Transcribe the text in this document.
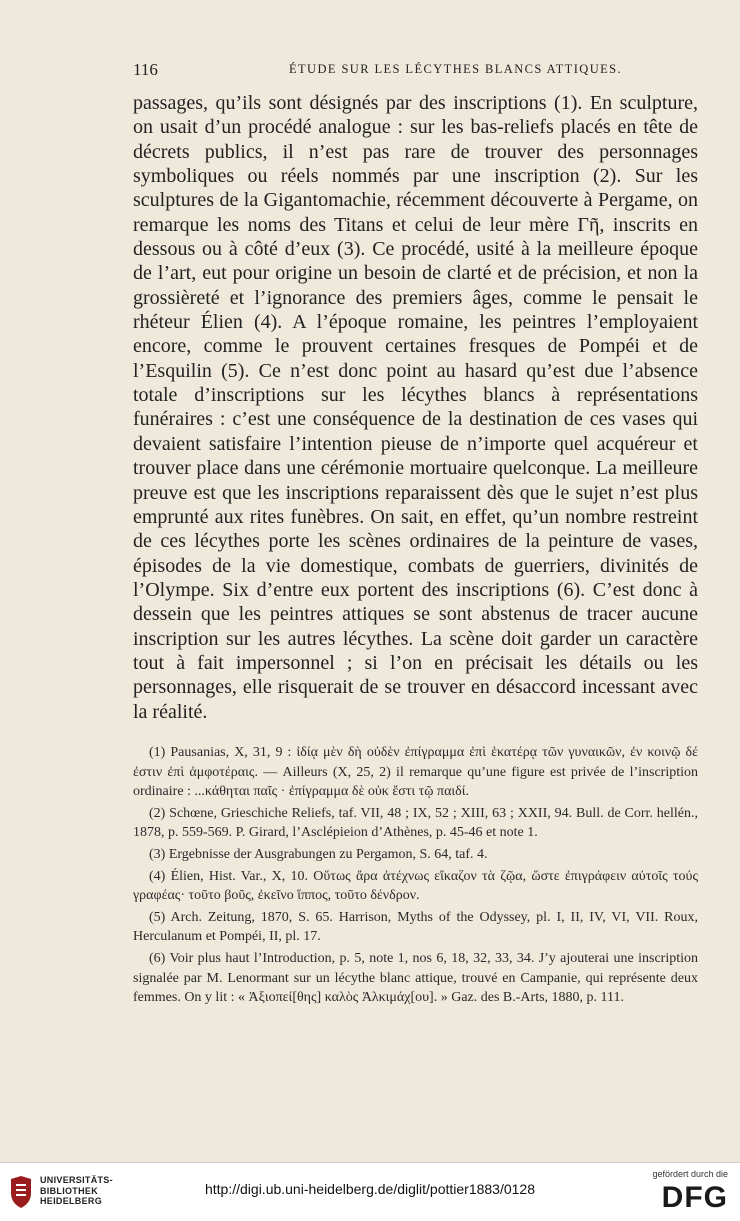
116	ÉTUDE SUR LES LÉCYTHES BLANCS ATTIQUES.

passages, qu’ils sont désignés par des inscriptions (1). En sculpture, on usait d’un procédé analogue : sur les bas-reliefs placés en tête de décrets publics, il n’est pas rare de trouver des personnages symboliques ou réels nommés par une inscription (2). Sur les sculptures de la Gigantomachie, récemment découverte à Pergame, on remarque les noms des Titans et celui de leur mère Γῆ, inscrits en dessous ou à côté d’eux (3). Ce procédé, usité à la meilleure époque de l’art, eut pour origine un besoin de clarté et de précision, et non la grossièreté et l’ignorance des premiers âges, comme le pensait le rhéteur Élien (4). A l’époque romaine, les peintres l’employaient encore, comme le prouvent certaines fresques de Pompéi et de l’Esquilin (5). Ce n’est donc point au hasard qu’est due l’absence totale d’inscriptions sur les lécythes blancs à représentations funéraires : c’est une conséquence de la destination de ces vases qui devaient satisfaire l’intention pieuse de n’importe quel acquéreur et trouver place dans une cérémonie mortuaire quelconque. La meilleure preuve est que les inscriptions reparaissent dès que le sujet n’est plus emprunté aux rites funèbres. On sait, en effet, qu’un nombre restreint de ces lécythes porte les scènes ordinaires de la peinture de vases, épisodes de la vie domestique, combats de guerriers, divinités de l’Olympe. Six d’entre eux portent des inscriptions (6). C’est donc à dessein que les peintres attiques se sont abstenus de tracer aucune inscription sur les autres lécythes. La scène doit garder un caractère tout à fait impersonnel ; si l’on en précisait les détails ou les personnages, elle risquerait de se trouver en désaccord incessant avec la réalité.

(1) Pausanias, X, 31, 9 : ἰδίᾳ μὲν δὴ οὐδὲν ἐπίγραμμα ἐπὶ ἑκατέρᾳ τῶν γυναικῶν, ἐν κοινῷ δέ ἐστιν ἐπὶ ἀμφοτέραις. — Ailleurs (X, 25, 2) il remarque qu’une figure est privée de l’inscription ordinaire : ...κάθηται παῖς · ἐπίγραμμα δὲ οὐκ ἔστι τῷ παιδί.

(2) Schœne, Grieschiche Reliefs, taf. VII, 48 ; IX, 52 ; XIII, 63 ; XXII, 94. Bull. de Corr. hellén., 1878, p. 559-569. P. Girard, l’Asclépieion d’Athènes, p. 45-46 et note 1.

(3) Ergebnisse der Ausgrabungen zu Pergamon, S. 64, taf. 4.

(4) Élien, Hist. Var., X, 10. Οὕτως ἄρα ἀτέχνως εἴκαζον τὰ ζῷα, ὥστε ἐπιγράφειν αὐτοῖς τούς γραφέας· τοῦτο βοῦς, ἐκεῖνο ἵππος, τοῦτο δένδρον.

(5) Arch. Zeitung, 1870, S. 65. Harrison, Myths of the Odyssey, pl. I, II, IV, VI, VII. Roux, Herculanum et Pompéi, II, pl. 17.

(6) Voir plus haut l’Introduction, p. 5, note 1, nos 6, 18, 32, 33, 34. J’y ajouterai une inscription signalée par M. Lenormant sur un lécythe blanc attique, trouvé en Campanie, qui représente deux femmes. On y lit : « Ἀξιοπεί[θης] καλὸς Ἀλκιμάχ[ου]. » Gaz. des B.-Arts, 1880, p. 111.

UNIVERSITÄTS-
BIBLIOTHEK
HEIDELBERG
http://digi.ub.uni-heidelberg.de/diglit/pottier1883/0128
gefördert durch die
DFG
